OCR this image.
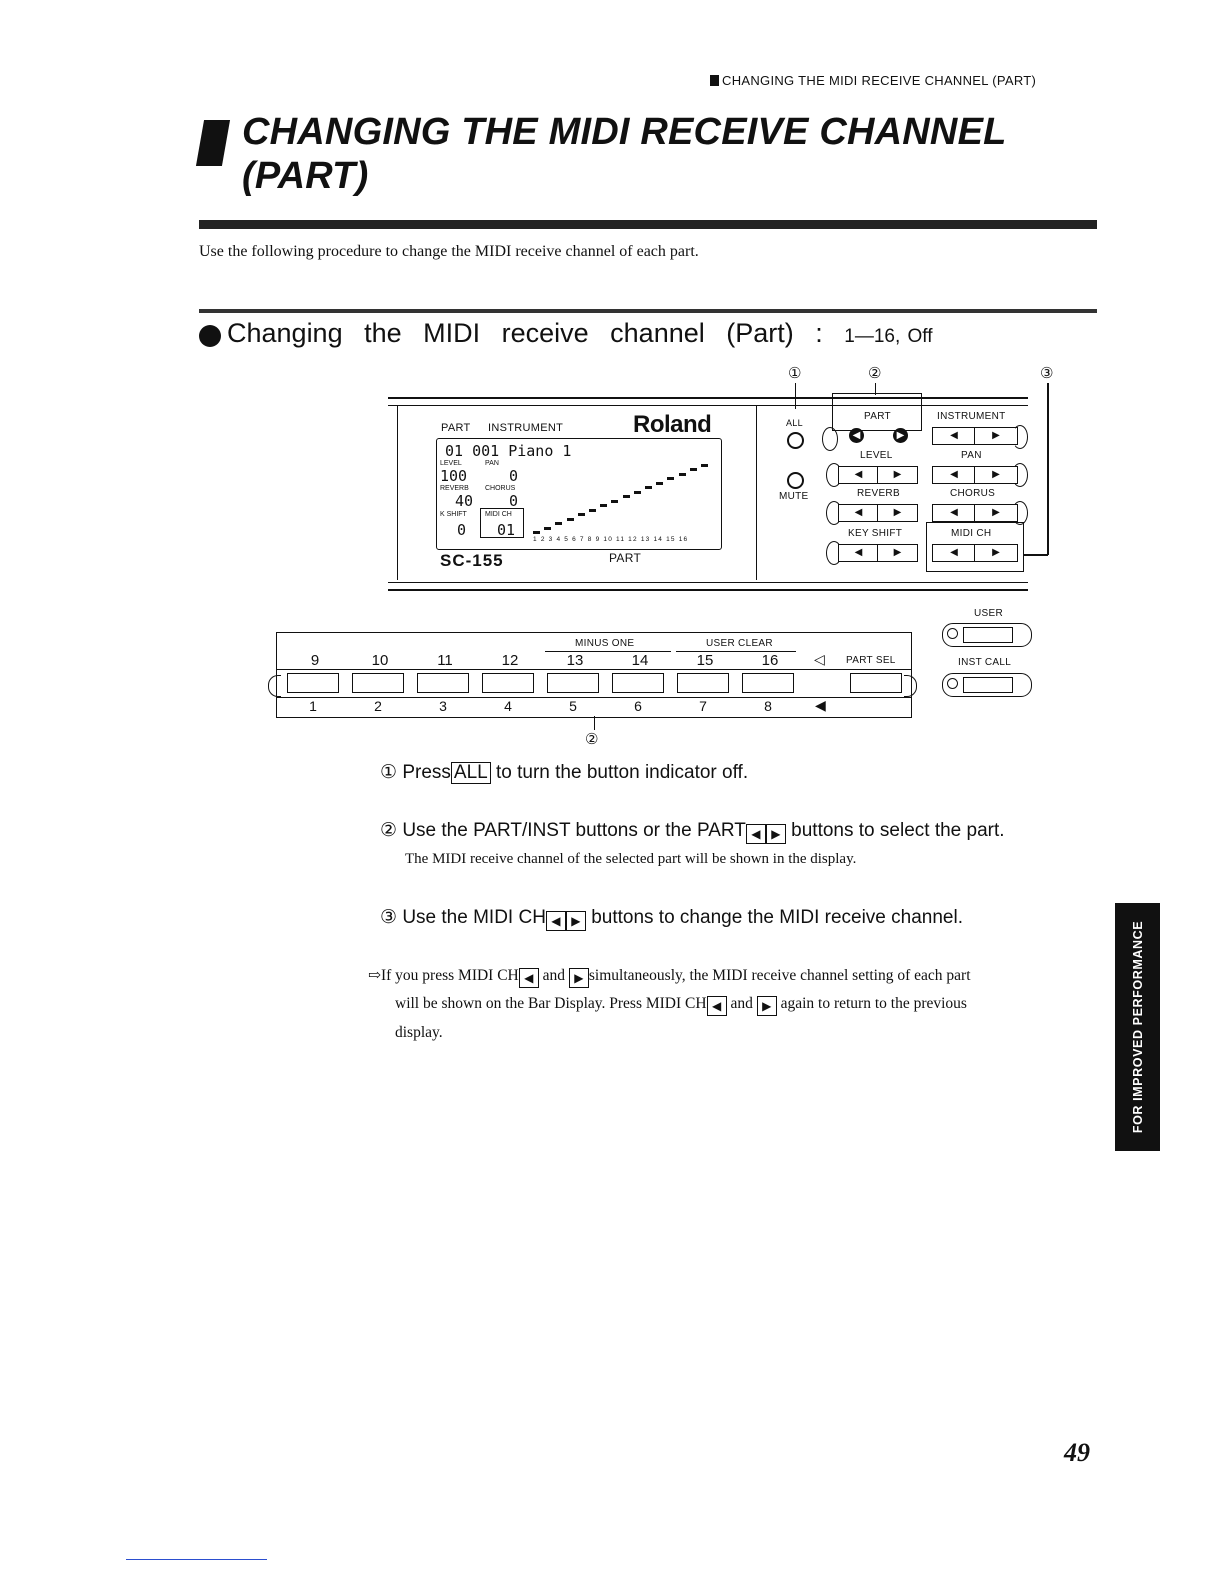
CHANGING THE MIDI RECEIVE CHANNEL (PART)
CHANGING THE MIDI RECEIVE CHANNEL
(PART)
Use the following procedure to change the MIDI receive channel of each part.
Changing the MIDI receive channel (Part) : 1—16, Off
①	②	③
PART INSTRUMENT	Roland
01 001 Piano 1
LEVEL	PAN
100	0
REVERB CHORUS
40 0
K SHIFT	MIDI CH
0 01
1 2 3 4 5 6 7 8 9 10 11 12 13 14 15 16
SC-155	PART
ALL
MUTE
PART	INSTRUMENT
◀	▶	◀	▶
LEVEL	PAN
◀	▶	◀	▶
REVERB	CHORUS
◀	▶	◀	▶
KEY SHIFT	MIDI CH
◀	▶	◀	▶
USER
INST CALL
MINUS ONE	USER CLEAR
◁ PART SEL
9	10	11	12	13	14	15	16
1	2	3	4	5	6	7	8	◀
②
① Press ALL to turn the button indicator off.
② Use the PART/INST buttons or the PART ◀ ▶ buttons to select the part.
The MIDI receive channel of the selected part will be shown in the display.
③ Use the MIDI CH ◀ ▶ buttons to change the MIDI receive channel.
⇨If you press MIDI CH ◀ and ▶ simultaneously, the MIDI receive channel setting of each part
will be shown on the Bar Display. Press MIDI CH ◀ and ▶ again to return to the previous
display.	FOR IMPROVED PERFORMANCE
49
